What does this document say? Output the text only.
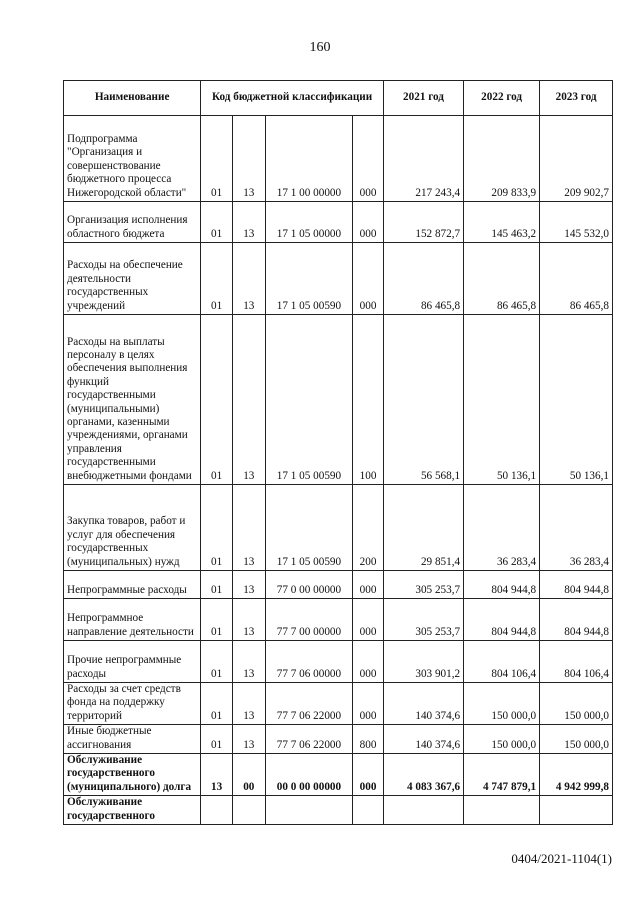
160
Наименование	Код бюджетной классификации				2021 год	2022 год	2023 год
Подпрограмма "Организация и совершенствование бюджетного процесса Нижегородской области"	01	13	17 1 00 00000	000	217 243,4	209 833,9	209 902,7
Организация исполнения областного бюджета	01	13	17 1 05 00000	000	152 872,7	145 463,2	145 532,0
Расходы на обеспечение деятельности государственных учреждений	01	13	17 1 05 00590	000	86 465,8	86 465,8	86 465,8
Расходы на выплаты персоналу в целях обеспечения выполнения функций государственными (муниципальными) органами, казенными учреждениями, органами управления государственными внебюджетными фондами	01	13	17 1 05 00590	100	56 568,1	50 136,1	50 136,1
Закупка товаров, работ и услуг для обеспечения государственных (муниципальных) нужд	01	13	17 1 05 00590	200	29 851,4	36 283,4	36 283,4
Непрограммные расходы	01	13	77 0 00 00000	000	305 253,7	804 944,8	804 944,8
Непрограммное направление деятельности	01	13	77 7 00 00000	000	305 253,7	804 944,8	804 944,8
Прочие непрограммные расходы	01	13	77 7 06 00000	000	303 901,2	804 106,4	804 106,4
Расходы за счет средств фонда на поддержку территорий	01	13	77 7 06 22000	000	140 374,6	150 000,0	150 000,0
Иные бюджетные ассигнования	01	13	77 7 06 22000	800	140 374,6	150 000,0	150 000,0
Обслуживание государственного (муниципального) долга	13	00	00 0 00 00000	000	4 083 367,6	4 747 879,1	4 942 999,8
Обслуживание государственного							
0404/2021-1104(1)
